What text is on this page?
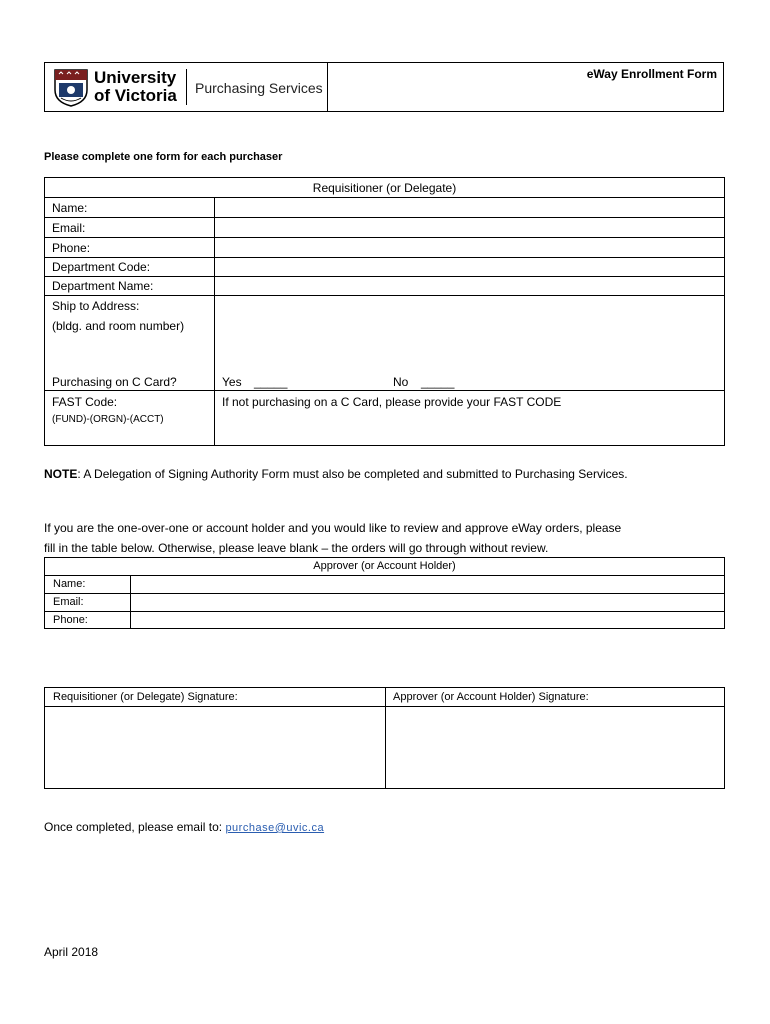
University
of Victoria Purchasing Services
eWay Enrollment Form
Please complete one form for each purchaser
Requisitioner (or Delegate)
Name:
Email:
Phone:
Department Code:
Department Name:
Ship to Address:
(bldg. and room number)
Purchasing on C Card?	Yes _____	No _____
FAST Code:
(FUND)-(ORGN)-(ACCT)
If not purchasing on a C Card, please provide your FAST CODE
NOTE: A Delegation of Signing Authority Form must also be completed and submitted to Purchasing Services.
If you are the one-over-one or account holder and you would like to review and approve eWay orders, please
fill in the table below. Otherwise, please leave blank – the orders will go through without review.
Approver (or Account Holder)
Name:
Email:
Phone:
Requisitioner (or Delegate) Signature:	Approver (or Account Holder) Signature:
Once completed, please email to: purchase@uvic.ca
April 2018
